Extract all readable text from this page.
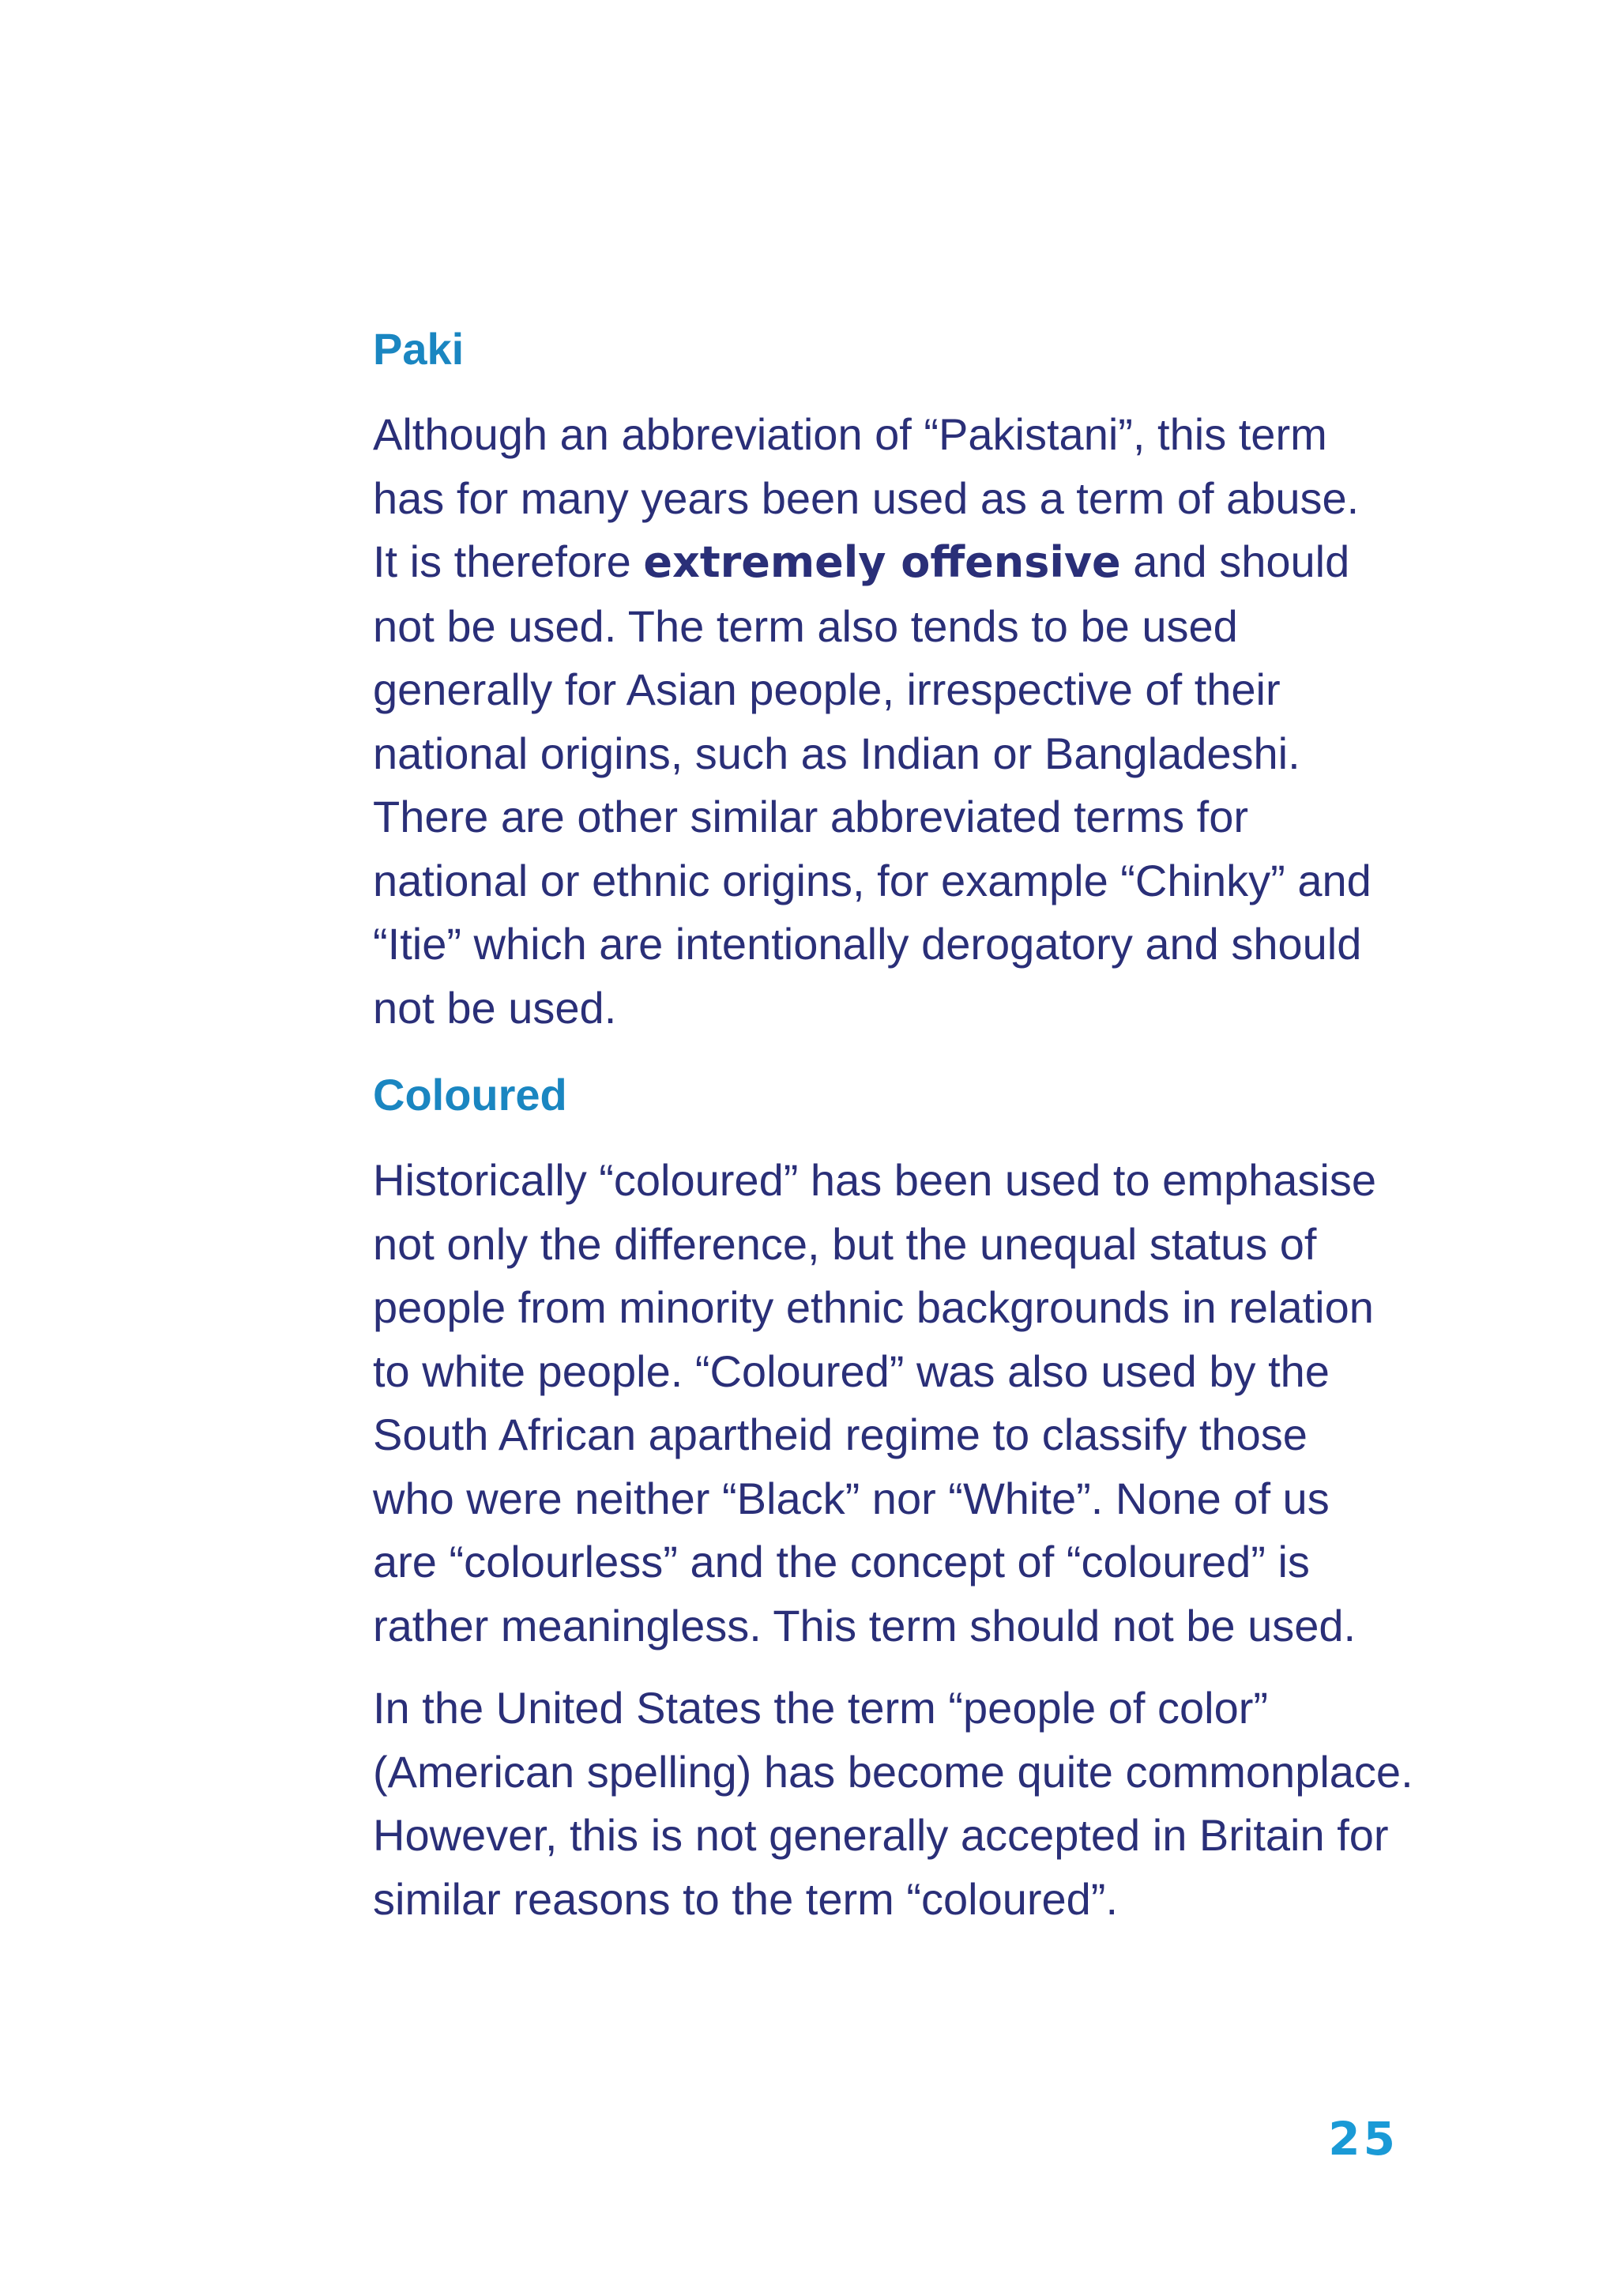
Paki

Although an abbreviation of “Pakistani”, this term
has for many years been used as a term of abuse.
It is therefore extremely offensive and should
not be used. The term also tends to be used
generally for Asian people, irrespective of their
national origins, such as Indian or Bangladeshi.
There are other similar abbreviated terms for
national or ethnic origins, for example “Chinky” and
“Itie” which are intentionally derogatory and should
not be used.

Coloured

Historically “coloured” has been used to emphasise
not only the difference, but the unequal status of
people from minority ethnic backgrounds in relation
to white people. “Coloured” was also used by the
South African apartheid regime to classify those
who were neither “Black” nor “White”. None of us
are “colourless” and the concept of “coloured” is
rather meaningless. This term should not be used.

In the United States the term “people of color”
(American spelling) has become quite commonplace.
However, this is not generally accepted in Britain for
similar reasons to the term “coloured”.

25
